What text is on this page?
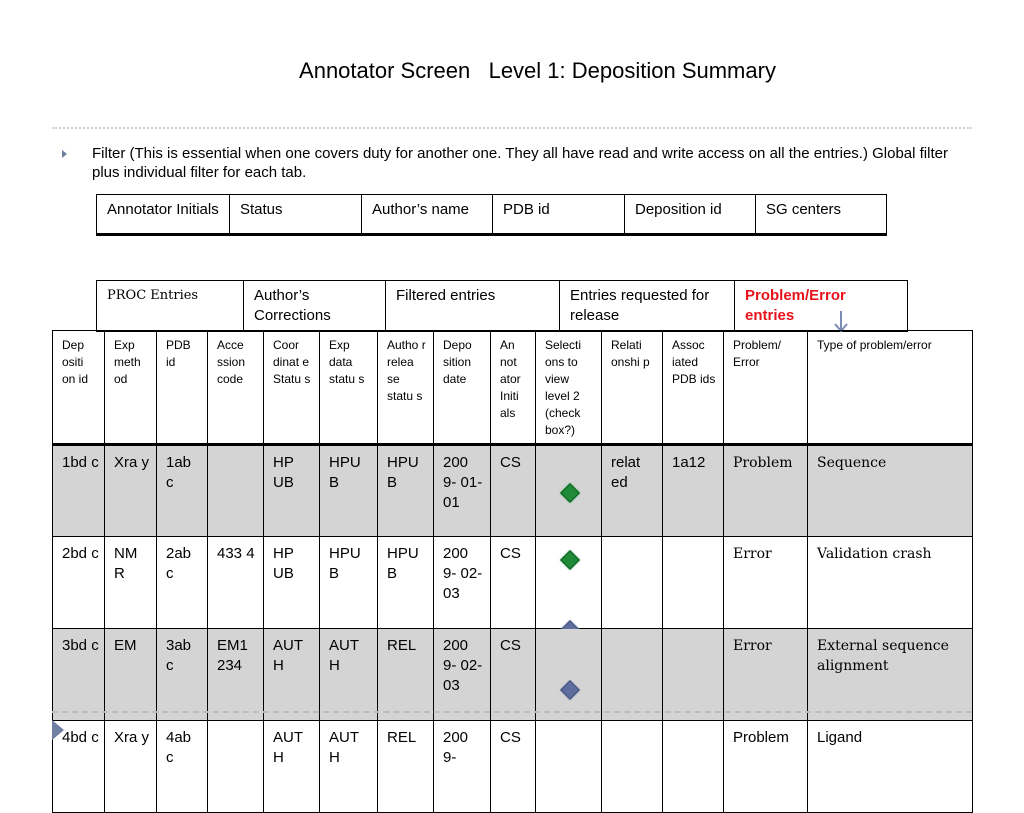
Annotator Screen   Level 1: Deposition Summary
Filter (This is essential when one covers duty for another one. They all have read and write access on all the entries.) Global filter plus individual filter for each tab.
Annotator Initials	Status	Author’s name	PDB id	Deposition id	SG centers
PROC Entries	Author’s Corrections	Filtered entries	Entries requested for release	Problem/Error entries
Dep ositi on id	Exp meth od	PDB id	Acce ssion code	Coor dinat e Statu s	Exp data statu s	Autho r relea se statu s	Depo sition date	An not ator Initi als	Selecti ons to view level 2 (check box?)	Relati onshi p	Assoc iated PDB ids	Problem/ Error	Type of problem/error
1bd c	Xra y	1ab c		HP UB	HPU B	HPU B	200 9- 01- 01	CS		relat ed	1a12	Problem	Sequence
2bd c	NM R	2ab c	433 4	HP UB	HPU B	HPU B	200 9- 02- 03	CS				Error	Validation crash
3bd c	EM	3ab c	EM1 234	AUT H	AUT H	REL	200 9- 02- 03	CS				Error	External sequence alignment
4bd c	Xra y	4ab c		AUT H	AUT H	REL	200 9-	CS				Problem	Ligand
